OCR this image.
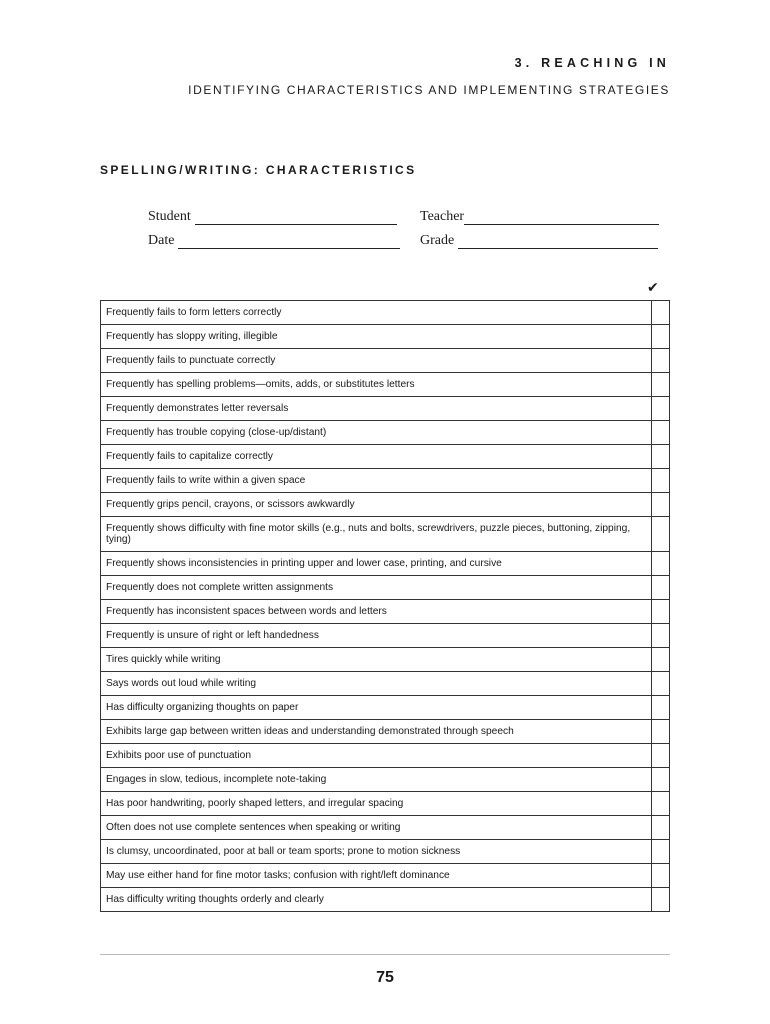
3. REACHING IN
IDENTIFYING CHARACTERISTICS AND IMPLEMENTING STRATEGIES
SPELLING/WRITING: CHARACTERISTICS
Student	Teacher
Date	Grade
✔
Frequently fails to form letters correctly	
Frequently has sloppy writing, illegible	
Frequently fails to punctuate correctly	
Frequently has spelling problems—omits, adds, or substitutes letters	
Frequently demonstrates letter reversals	
Frequently has trouble copying (close-up/distant)	
Frequently fails to capitalize correctly	
Frequently fails to write within a given space	
Frequently grips pencil, crayons, or scissors awkwardly	
Frequently shows difficulty with fine motor skills (e.g., nuts and bolts, screwdrivers, puzzle pieces, buttoning, zipping, tying)	
Frequently shows inconsistencies in printing upper and lower case, printing, and cursive	
Frequently does not complete written assignments	
Frequently has inconsistent spaces between words and letters	
Frequently is unsure of right or left handedness	
Tires quickly while writing	
Says words out loud while writing	
Has difficulty organizing thoughts on paper	
Exhibits large gap between written ideas and understanding demonstrated through speech	
Exhibits poor use of punctuation	
Engages in slow, tedious, incomplete note-taking	
Has poor handwriting, poorly shaped letters, and irregular spacing	
Often does not use complete sentences when speaking or writing	
Is clumsy, uncoordinated, poor at ball or team sports; prone to motion sickness	
May use either hand for fine motor tasks; confusion with right/left dominance	
Has difficulty writing thoughts orderly and clearly	
75
